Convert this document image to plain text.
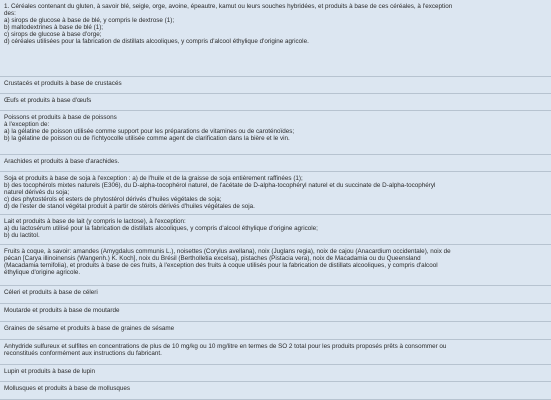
1. Céréales contenant du gluten, à savoir blé, seigle, orge, avoine, épeautre, kamut ou leurs souches hybridées, et produits à base de ces céréales, à l'exception

des:

a) sirops de glucose à base de blé, y compris le dextrose (1);

b) maltodextrines à base de blé (1);

c) sirops de glucose à base d'orge;

d) céréales utilisées pour la fabrication de distillats alcooliques, y compris d'alcool éthylique d'origine agricole.

Crustacés et produits à base de crustacés

Œufs et produits à base d'œufs

Poissons et produits à base de poissons

à l'exception de:

a) la gélatine de poisson utilisée comme support pour les préparations de vitamines ou de caroténoïdes;

b) la gélatine de poisson ou de l'ichtyocolle utilisée comme agent de clarification dans la bière et le vin.

Arachides et produits à base d'arachides.

Soja et produits à base de soja à l'exception : a) de l'huile et de la graisse de soja entièrement raffinées (1);

b) des tocophérols mixtes naturels (E306), du D-alpha-tocophérol naturel, de l'acétate de D-alpha-tocophéryl naturel et du succinate de D-alpha-tocophéryl

naturel dérivés du soja;

c) des phytostérols et esters de phytostérol dérivés d'huiles végétales de soja;

d) de l'ester de stanol végétal produit à partir de stérols dérivés d'huiles végétales de soja.

Lait et produits à base de lait (y compris le lactose), à l'exception:

a) du lactosérum utilisé pour la fabrication de distillats alcooliques, y compris d'alcool éthylique d'origine agricole;

b) du lactitol.

Fruits à coque, à savoir: amandes (Amygdalus communis L.), noisettes (Corylus avellana), noix (Juglans regia), noix de cajou (Anacardium occidentale), noix de

pécan [Carya illinoinensis (Wangenh.) K. Koch], noix du Brésil (Bertholletia excelsa), pistaches (Pistacia vera), noix de Macadamia ou du Queensland

(Macadamia ternifolia), et produits à base de ces fruits, à l'exception des fruits à coque utilisés pour la fabrication de distillats alcooliques, y compris d'alcool

éthylique d'origine agricole.

Céleri et produits à base de céleri

Moutarde et produits à base de moutarde

Graines de sésame et produits à base de graines de sésame

Anhydride sulfureux et sulfites en concentrations de plus de 10 mg/kg ou 10 mg/litre en termes de SO 2 total pour les produits proposés prêts à consommer ou

reconstitués conformément aux instructions du fabricant.

Lupin et produits à base de lupin

Mollusques et produits à base de mollusques
